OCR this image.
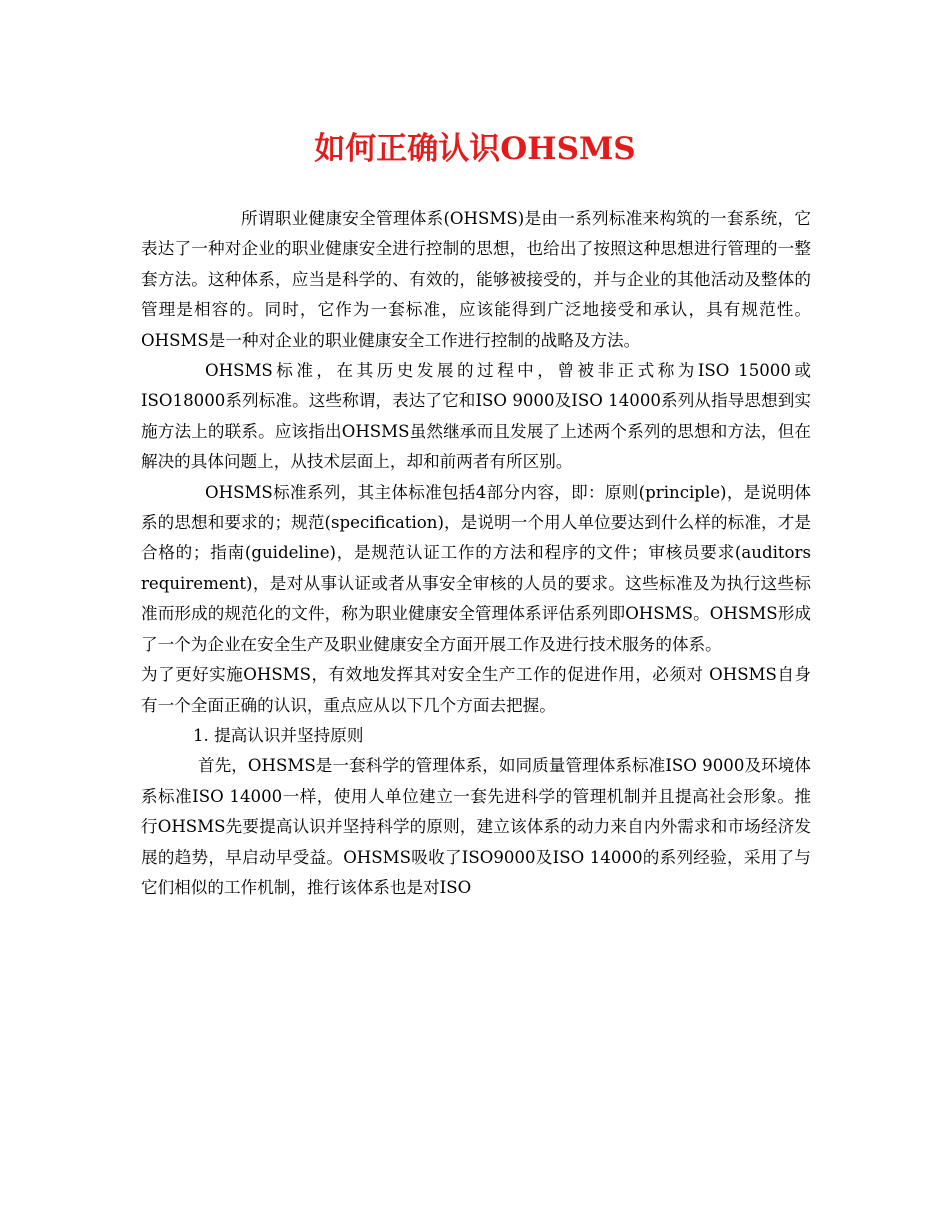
如何正确认识OHSMS

所谓职业健康安全管理体系(OHSMS)是由一系列标准来构筑的一套系统，它表达了一种对企业的职业健康安全进行控制的思想，也给出了按照这种思想进行管理的一整套方法。这种体系，应当是科学的、有效的，能够被接受的，并与企业的其他活动及整体的管理是相容的。同时，它作为一套标准，应该能得到广泛地接受和承认，具有规范性。OHSMS是一种对企业的职业健康安全工作进行控制的战略及方法。

OHSMS标准，在其历史发展的过程中，曾被非正式称为ISO 15000或ISO18000系列标准。这些称谓，表达了它和ISO 9000及ISO 14000系列从指导思想到实施方法上的联系。应该指出OHSMS虽然继承而且发展了上述两个系列的思想和方法，但在解决的具体问题上，从技术层面上，却和前两者有所区别。

OHSMS标准系列，其主体标准包括4部分内容，即：原则(principle)，是说明体系的思想和要求的；规范(specification)，是说明一个用人单位要达到什么样的标准，才是合格的；指南(guideline)，是规范认证工作的方法和程序的文件；审核员要求(auditors requirement)，是对从事认证或者从事安全审核的人员的要求。这些标准及为执行这些标准而形成的规范化的文件，称为职业健康安全管理体系评估系列即OHSMS。OHSMS形成了一个为企业在安全生产及职业健康安全方面开展工作及进行技术服务的体系。

为了更好实施OHSMS，有效地发挥其对安全生产工作的促进作用，必须对 OHSMS自身有一个全面正确的认识，重点应从以下几个方面去把握。

1. 提高认识并坚持原则

首先，OHSMS是一套科学的管理体系，如同质量管理体系标准ISO 9000及环境体系标准ISO 14000一样，使用人单位建立一套先进科学的管理机制并且提高社会形象。推行OHSMS先要提高认识并坚持科学的原则，建立该体系的动力来自内外需求和市场经济发展的趋势，早启动早受益。OHSMS吸收了ISO9000及ISO 14000的系列经验，采用了与它们相似的工作机制，推行该体系也是对ISO
